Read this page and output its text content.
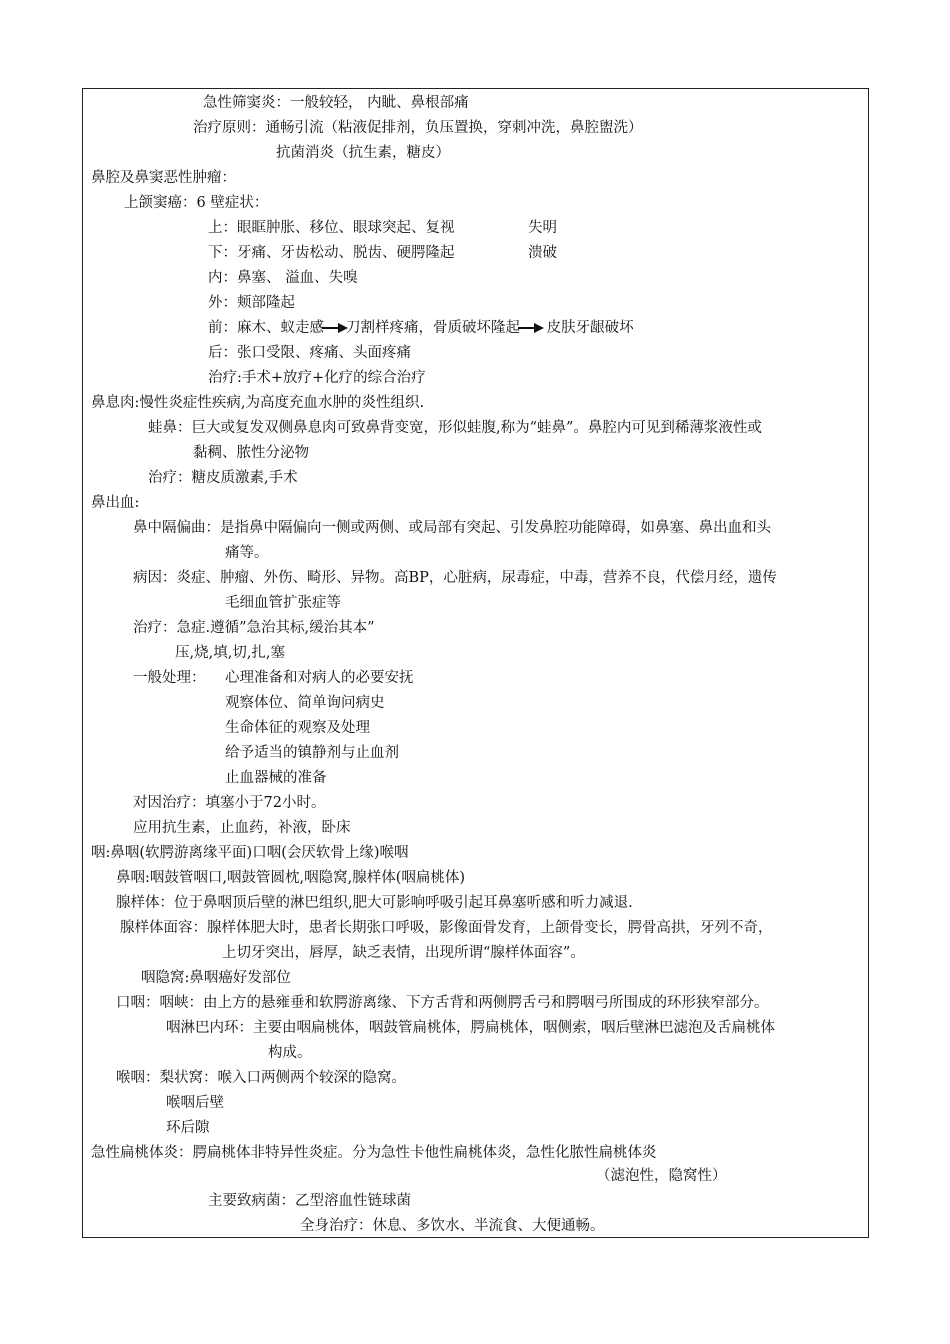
急性筛窦炎：一般较轻， 内眦、鼻根部痛
治疗原则：通畅引流（粘液促排剂，负压置换，穿刺冲洗，鼻腔盥洗）
抗菌消炎（抗生素，糖皮）
鼻腔及鼻窦恶性肿瘤：
上颌窦癌：6 壁症状：
上：眼眶肿胀、移位、眼球突起、复视	失明
下：牙痛、牙齿松动、脱齿、硬腭隆起	溃破
内：鼻塞、 溢血、失嗅
外：颊部隆起
前：麻木、蚁走感 刀割样疼痛，骨质破坏隆起 皮肤牙龈破坏
后：张口受限、疼痛、头面疼痛
治疗:手术+放疗+化疗的综合治疗
鼻息肉:慢性炎症性疾病,为高度充血水肿的炎性组织.
蛙鼻：巨大或复发双侧鼻息肉可致鼻背变宽，形似蛙腹,称为“蛙鼻”。鼻腔内可见到稀薄浆液性或
黏稠、脓性分泌物
治疗：糖皮质激素,手术
鼻出血:
鼻中隔偏曲：是指鼻中隔偏向一侧或两侧、或局部有突起、引发鼻腔功能障碍，如鼻塞、鼻出血和头
痛等。
病因：炎症、肿瘤、外伤、畸形、异物。高BP，心脏病，尿毒症，中毒，营养不良，代偿月经，遗传
毛细血管扩张症等
治疗：急症.遵循”急治其标,缓治其本”
压,烧,填,切,扎,塞
一般处理： 心理准备和对病人的必要安抚
观察体位、简单询问病史
生命体征的观察及处理
给予适当的镇静剂与止血剂
止血器械的准备
对因治疗：填塞小于72小时。
应用抗生素，止血药，补液，卧床
咽:鼻咽(软腭游离缘平面)口咽(会厌软骨上缘)喉咽
鼻咽:咽鼓管咽口,咽鼓管圆枕,咽隐窝,腺样体(咽扁桃体)
腺样体：位于鼻咽顶后壁的淋巴组织,肥大可影响呼吸引起耳鼻塞听感和听力减退.
腺样体面容：腺样体肥大时，患者长期张口呼吸，影像面骨发育，上颌骨变长，腭骨高拱，牙列不奇，
上切牙突出，唇厚，缺乏表情，出现所谓“腺样体面容”。
咽隐窝:鼻咽癌好发部位
口咽：咽峡：由上方的悬雍垂和软腭游离缘、下方舌背和两侧腭舌弓和腭咽弓所围成的环形狭窄部分。
咽淋巴内环：主要由咽扁桃体，咽鼓管扁桃体，腭扁桃体，咽侧索，咽后壁淋巴滤泡及舌扁桃体
构成。
喉咽：梨状窝：喉入口两侧两个较深的隐窝。
喉咽后壁
环后隙
急性扁桃体炎：腭扁桃体非特异性炎症。分为急性卡他性扁桃体炎，急性化脓性扁桃体炎
（滤泡性，隐窝性）
主要致病菌：乙型溶血性链球菌
全身治疗：休息、多饮水、半流食、大便通畅。
